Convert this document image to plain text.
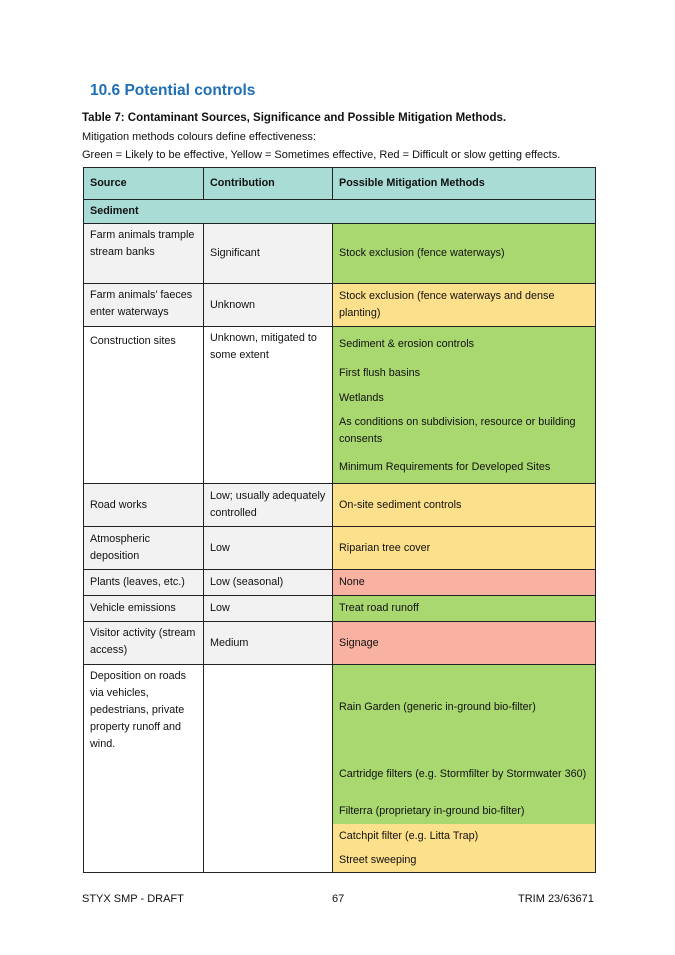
10.6 Potential controls
Table 7: Contaminant Sources, Significance and Possible Mitigation Methods.
Mitigation methods colours define effectiveness:
Green = Likely to be effective, Yellow = Sometimes effective, Red = Difficult or slow getting effects.
Source	Contribution	Possible Mitigation Methods
Sediment		
Farm animals trample stream banks	Significant	Stock exclusion (fence waterways)

Farm animals’ faeces enter waterways	Unknown	Stock exclusion (fence waterways and dense planting)

Construction sites	Unknown, mitigated to some extent	Sediment & erosion controls
First flush basins
Wetlands
As conditions on subdivision, resource or building consents
Minimum Requirements for Developed Sites

Road works	Low; usually adequately controlled	On-site sediment controls

Atmospheric deposition	Low	Riparian tree cover

Plants (leaves, etc.)	Low (seasonal)	None

Vehicle emissions	Low	Treat road runoff

Visitor activity (stream access)	Medium	Signage

Deposition on roads via vehicles, pedestrians, private property runoff and wind.		Rain Garden (generic in-ground bio-filter)
Cartridge filters (e.g. Stormfilter by Stormwater 360)
Filterra (proprietary in-ground bio-filter)
Catchpit filter (e.g. Litta Trap)
Street sweeping
STYX SMP - DRAFT	67	TRIM 23/63671
